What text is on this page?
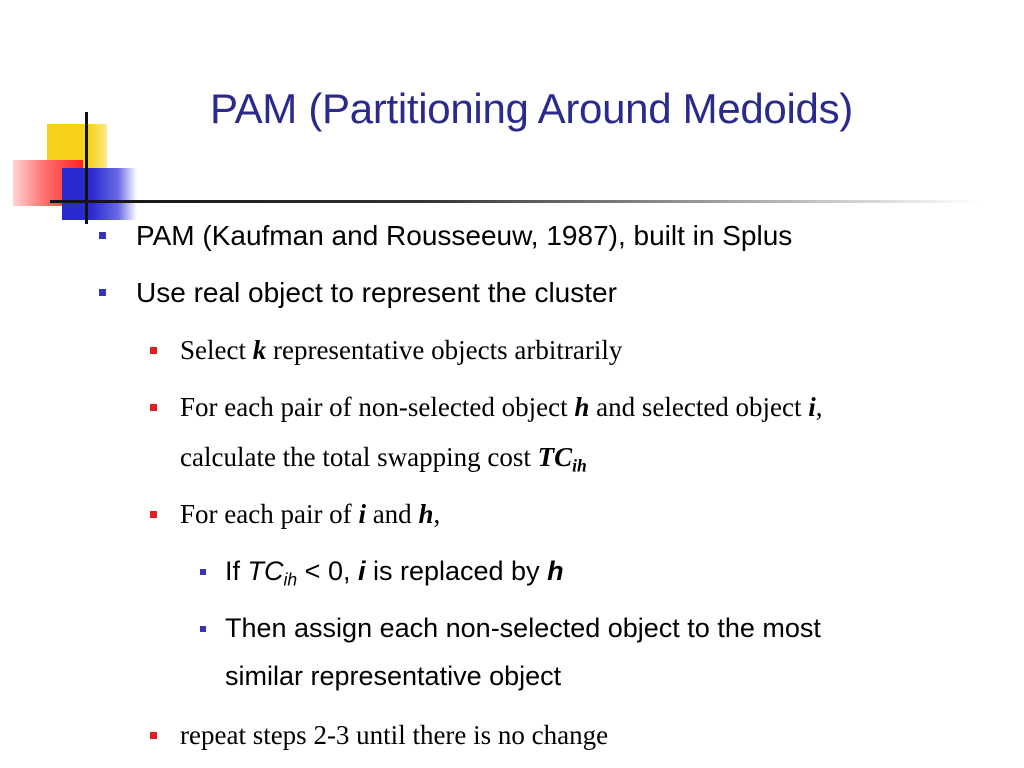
PAM (Partitioning Around Medoids)
PAM (Kaufman and Rousseeuw, 1987), built in Splus
Use real object to represent the cluster
Select k representative objects arbitrarily
For each pair of non-selected object h and selected object i,
calculate the total swapping cost $TC_{ih}$
For each pair of i and h,
If $TC_{ih} < 0$, i is replaced by h
Then assign each non-selected object to the most
similar representative object
repeat steps 2-3 until there is no change
